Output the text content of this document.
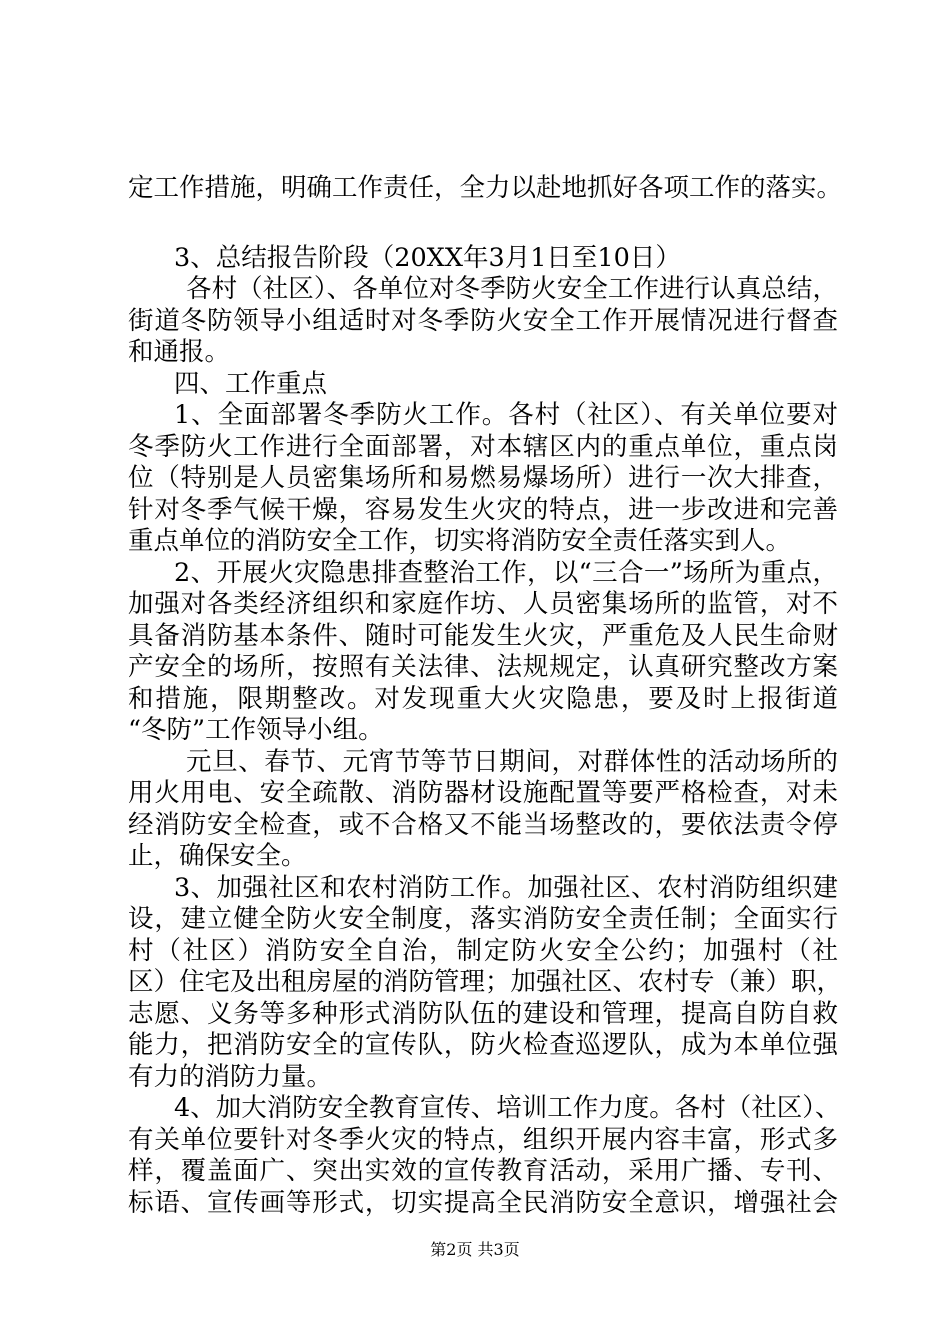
定工作措施，明确工作责任，全力以赴地抓好各项工作的落实。
3、总结报告阶段（20XX年3月1日至10日）
各村（社区）、各单位对冬季防火安全工作进行认真总结，
街道冬防领导小组适时对冬季防火安全工作开展情况进行督查
和通报。
四、工作重点
1、全面部署冬季防火工作。各村（社区）、有关单位要对
冬季防火工作进行全面部署，对本辖区内的重点单位，重点岗
位（特别是人员密集场所和易燃易爆场所）进行一次大排查，
针对冬季气候干燥，容易发生火灾的特点，进一步改进和完善
重点单位的消防安全工作，切实将消防安全责任落实到人。
2、开展火灾隐患排查整治工作，以“三合一”场所为重点，
加强对各类经济组织和家庭作坊、人员密集场所的监管，对不
具备消防基本条件、随时可能发生火灾，严重危及人民生命财
产安全的场所，按照有关法律、法规规定，认真研究整改方案
和措施，限期整改。对发现重大火灾隐患，要及时上报街道
“冬防”工作领导小组。
元旦、春节、元宵节等节日期间，对群体性的活动场所的
用火用电、安全疏散、消防器材设施配置等要严格检查，对未
经消防安全检查，或不合格又不能当场整改的，要依法责令停
止，确保安全。
3、加强社区和农村消防工作。加强社区、农村消防组织建
设，建立健全防火安全制度，落实消防安全责任制；全面实行
村（社区）消防安全自治，制定防火安全公约；加强村（社
区）住宅及出租房屋的消防管理；加强社区、农村专（兼）职，
志愿、义务等多种形式消防队伍的建设和管理，提高自防自救
能力，把消防安全的宣传队，防火检查巡逻队，成为本单位强
有力的消防力量。
4、加大消防安全教育宣传、培训工作力度。各村（社区）、
有关单位要针对冬季火灾的特点，组织开展内容丰富，形式多
样，覆盖面广、突出实效的宣传教育活动，采用广播、专刊、
标语、宣传画等形式，切实提高全民消防安全意识，增强社会
第2页 共3页
